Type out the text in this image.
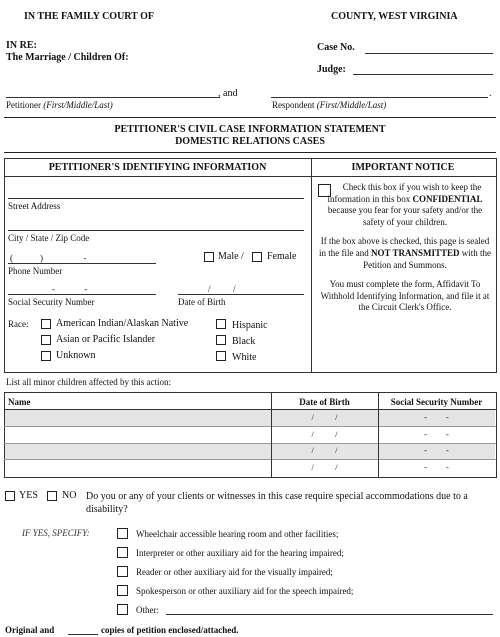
IN THE FAMILY COURT OF	COUNTY, WEST VIRGINIA
IN RE:
The Marriage / Children Of:
Case No.
Judge:
, and	.
Petitioner (First/Middle/Last)	Respondent (First/Middle/Last)
PETITIONER'S CIVIL CASE INFORMATION STATEMENT
DOMESTIC RELATIONS CASES
PETITIONER'S IDENTIFYING INFORMATION	IMPORTANT NOTICE
Street Address
City / State / Zip Code
(            )                  -
Phone Number
Male / Female
-             -
Social Security Number
/          /
Date of Birth
Race:	American Indian/Alaskan Native
Asian or Pacific Islander
Unknown
Hispanic
Black
White

Check this box if you wish to keep the information in this box CONFIDENTIAL because you fear for your safety and/or the safety of your children.

If the box above is checked, this page is sealed in the file and NOT TRANSMITTED with the Petition and Summons.

You must complete the form, Affidavit To Withhold Identifying Information, and file it at the Circuit Clerk's Office.

List all minor children affected by this action:
Name	Date of Birth	Social Security Number
/          /	-         -
/          /	-         -
/          /	-         -
/          /	-         -
YES NO Do you or any of your clients or witnesses in this case require special accommodations due to a disability?
IF YES, SPECIFY:	Wheelchair accessible hearing room and other facilities;
Interpreter or other auxiliary aid for the hearing impaired;
Reader or other auxiliary aid for the visually impaired;
Spokesperson or other auxiliary aid for the speech impaired;
Other:
Original and	copies of petition enclosed/attached.
